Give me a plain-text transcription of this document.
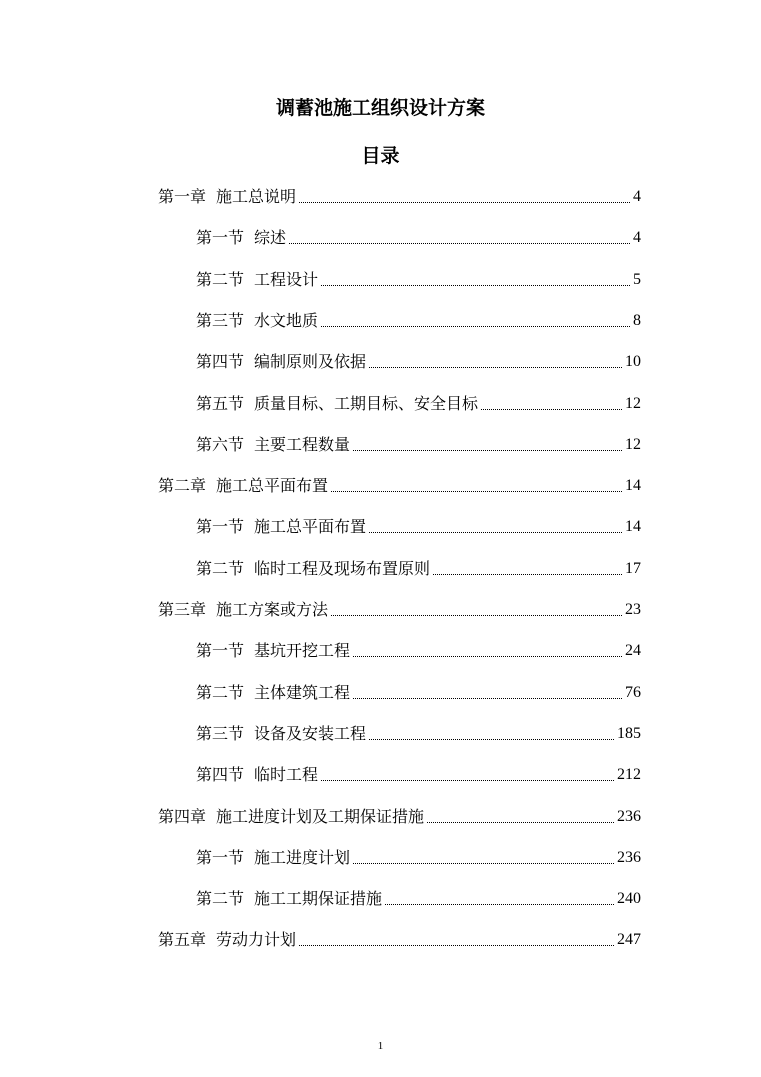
调蓄池施工组织设计方案
目录
第一章 施工总说明	4
第一节 综述	4
第二节 工程设计	5
第三节 水文地质	8
第四节 编制原则及依据	10
第五节 质量目标、工期目标、安全目标	12
第六节 主要工程数量	12
第二章 施工总平面布置	14
第一节 施工总平面布置	14
第二节 临时工程及现场布置原则	17
第三章 施工方案或方法	23
第一节 基坑开挖工程	24
第二节 主体建筑工程	76
第三节 设备及安装工程	185
第四节 临时工程	212
第四章 施工进度计划及工期保证措施	236
第一节 施工进度计划	236
第二节 施工工期保证措施	240
第五章 劳动力计划	247
1
